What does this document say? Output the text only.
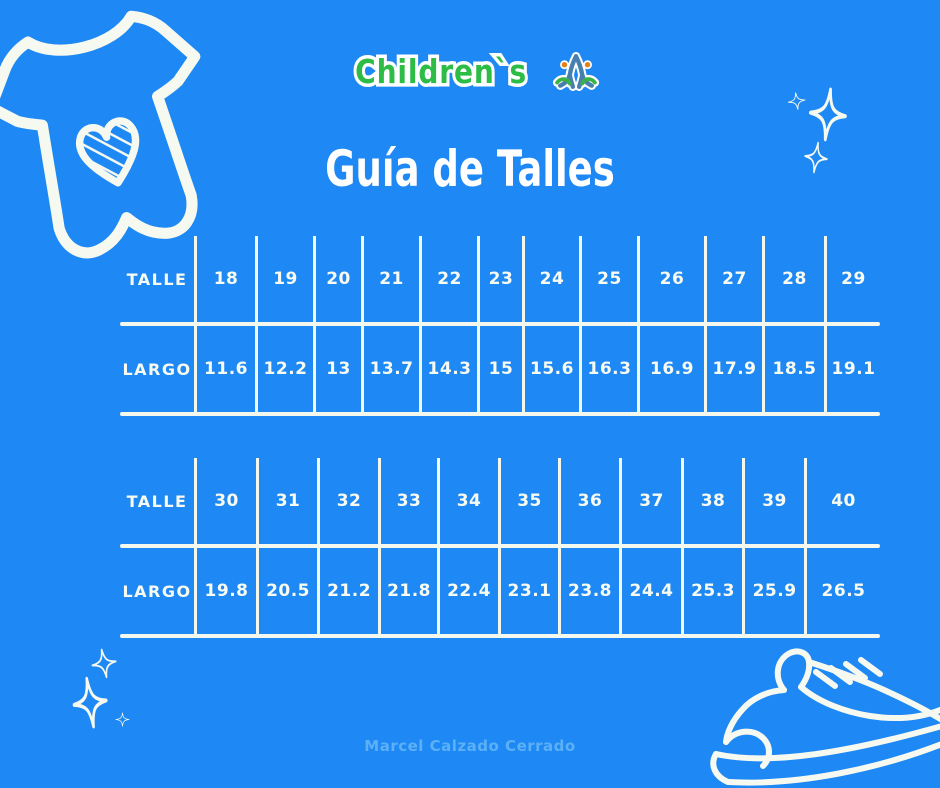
Children`s
Guía de Talles
TALLE	18	19	20	21	22	23	24	25	26	27	28	29
LARGO 11.6 12.2	13	13.7 14.3	15 15.6 16.3	16.9	17.9 18.5 19.1
TALLE	30	31	32	33	34	35	36	37	38	39	40
LARGO 19.8	20.5	21.2 21.8 22.4 23.1 23.8	24.4	25.3	25.9	26.5
Marcel Calzado Cerrado
